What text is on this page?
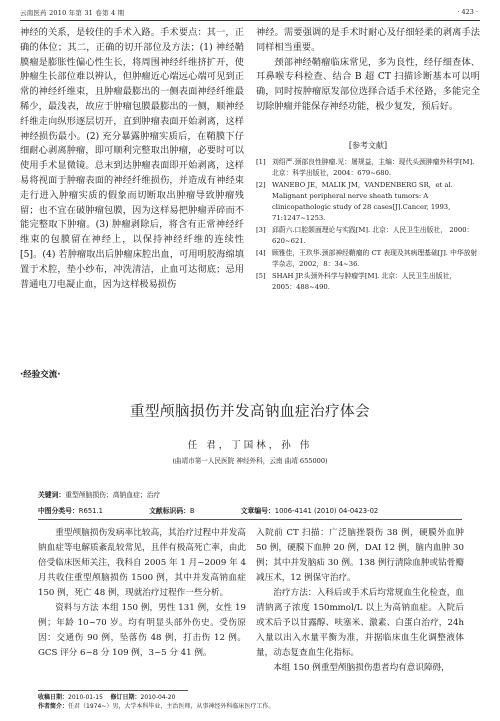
云南医药 2010 年第 31 卷第 4 期	· 423 ·

神经的关系，是较佳的手术入路。手术要点：其一，正确的体位；其二，正确的切开部位及方法；(1) 神经鞘膜瘤是膨胀性偏心性生长，将周围神经纤维挤扩开，使肿瘤生长部位难以辨认，但肿瘤近心端远心端可见到正常的神经纤维束，且肿瘤最膨出的一侧表面神经纤维最稀少，最浅表，故应于肿瘤包膜最膨出的一侧，顺神经纤维走向纵形逐层切开，直到肿瘤表面开始剥离，这样神经损伤最小。(2) 充分暴露肿瘤实质后，在鞘膜下仔细耐心剥离肿瘤，即可顺利完整取出肿瘤，必要时可以使用手术显微镜。总末到达肿瘤表面即开始剥离，这样易将视面于肿瘤表面的神经纤维损伤，并造成有神经束走行进入肿瘤实质的假象而切断取出肿瘤导致肿瘤残留；也不宜在破肿瘤包膜，因为这样易把肿瘤弄碎而不能完整取下肿瘤。(3) 肿瘤剥除后，将含有正常神经纤维束的包膜留在神经上，以保持神经纤维的连续性[5]。(4) 若肿瘤取出后肿瘤床腔出血，可用明胶海绵填置于术腔，垫小纱布，冲洗清洁，止血可达彻底；忌用普通电刀电凝止血，因为这样极易损伤

神经。需要强调的是手术时耐心及仔细轻柔的剥离手法同样相当重要。

颈部神经鞘瘤临床常见，多为良性，经仔细查体、耳鼻喉专科检查、结合 B 超 CT 扫描诊断基本可以明确，同时按肿瘤原发部位选择合适手术径路，多能完全切除肿瘤并能保存神经功能，极少复发，预后好。

[参考文献]
[1] 刘绍严.颈部良性肿瘤.见：屠规益，主编：现代头颈肿瘤外科学[M]. 北京：科学出版社，2004：679~680.
[2] WANEBO JE，MALIK JM，VANDENBERG SR，et al. Malignant peripheral nerve sheath tumors: A clinicopathologic study of 28 cases[J].Cancer, 1993, 71:1247~1253.
[3] 邱蔚六.口腔颌面理论与实践[M]. 北京：人民卫生出版社， 2000：620~621.
[4] 顾雅佳，王玖华.颈部神经鞘瘤的 CT 表现及其病理基础[J]. 中华放射学杂志，2002，8：34~36.
[5] SHAH JP.头颈外科学与肿瘤学[M]. 北京：人民卫生出版社，2005：488~490.
·经验交流·
重型颅脑损伤并发高钠血症治疗体会
任 君，丁国林，孙 伟
(曲靖市第一人民医院 神经外科，云南 曲靖 655000)
关键词：重型颅脑损伤；高钠血症；治疗
中图分类号：R651.1	文献标识码：B	文章编号：1006-4141 (2010) 04-0423-02

重型颅脑损伤发病率比较高，其治疗过程中并发高钠血症等电解质紊乱较常见，且伴有极高死亡率，由此倍受临床医师关注，我科自 2005 年 1 月~2009 年 4 月共收住重型颅脑损伤 1500 例，其中并发高钠血症 150 例，死亡 48 例，现就治疗过程作一些分析。

资料与方法 本组 150 例，男性 131 例，女性 19 例；年龄 10~70 岁。均有明显头部外伤史。受伤原因：交通伤 90 例，坠落伤 48 例，打击伤 12 例。GCS 评分 6~8 分 109 例，3~5 分 41 例。

入院前 CT 扫描：广泛脑挫裂伤 38 例，硬膜外血肿 50 例，硬膜下血肿 20 例，DAI 12 例，脑内血肿 30 例；其中并发脑疝 30 例。138 例行清除血肿或钻骨瓣减压术，12 例保守治疗。

治疗方法：入科后或手术后均常规血生化检查，血清钠离子浓度 150mmol/L 以上为高钠血症。入院后或术后予以甘露醇、呋塞米、激素、白蛋白治疗，24h 入量以出入水量平衡为准，并据临床血生化调整液体量，动态复查血生化指标。

本组 150 例重型颅脑损伤患者均有意识障碍，

收稿日期：2010-01-15 修订日期：2010-04-20
作者简介：任君（1974~）男，大学本科毕业，主治医师，从事神经外科临床医疗工作。
